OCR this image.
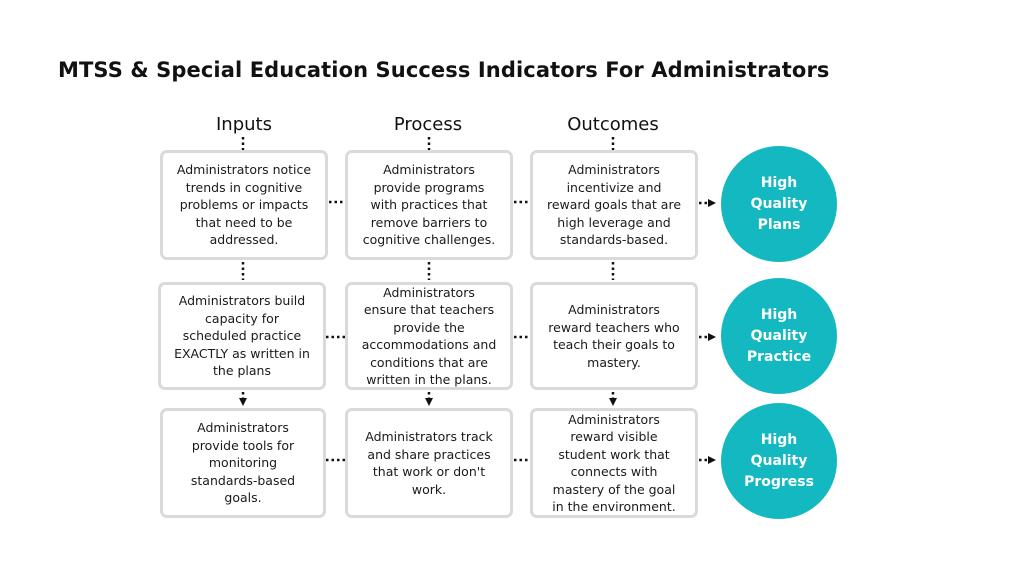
MTSS & Special Education Success Indicators For Administrators
Inputs	Process	Outcomes
Administrators notice trends in cognitive problems or impacts that need to be addressed.
Administrators provide programs with practices that remove barriers to cognitive challenges.
Administrators incentivize and reward goals that are high leverage and standards-based.
High Quality Plans
Administrators build capacity for scheduled practice EXACTLY as written in the plans
Administrators ensure that teachers provide the accommodations and conditions that are written in the plans.
Administrators reward teachers who teach their goals to mastery.
High Quality Practice
Administrators provide tools for monitoring standards-based goals.
Administrators track and share practices that work or don't work.
Administrators reward visible student work that connects with mastery of the goal in the environment.
High Quality Progress
